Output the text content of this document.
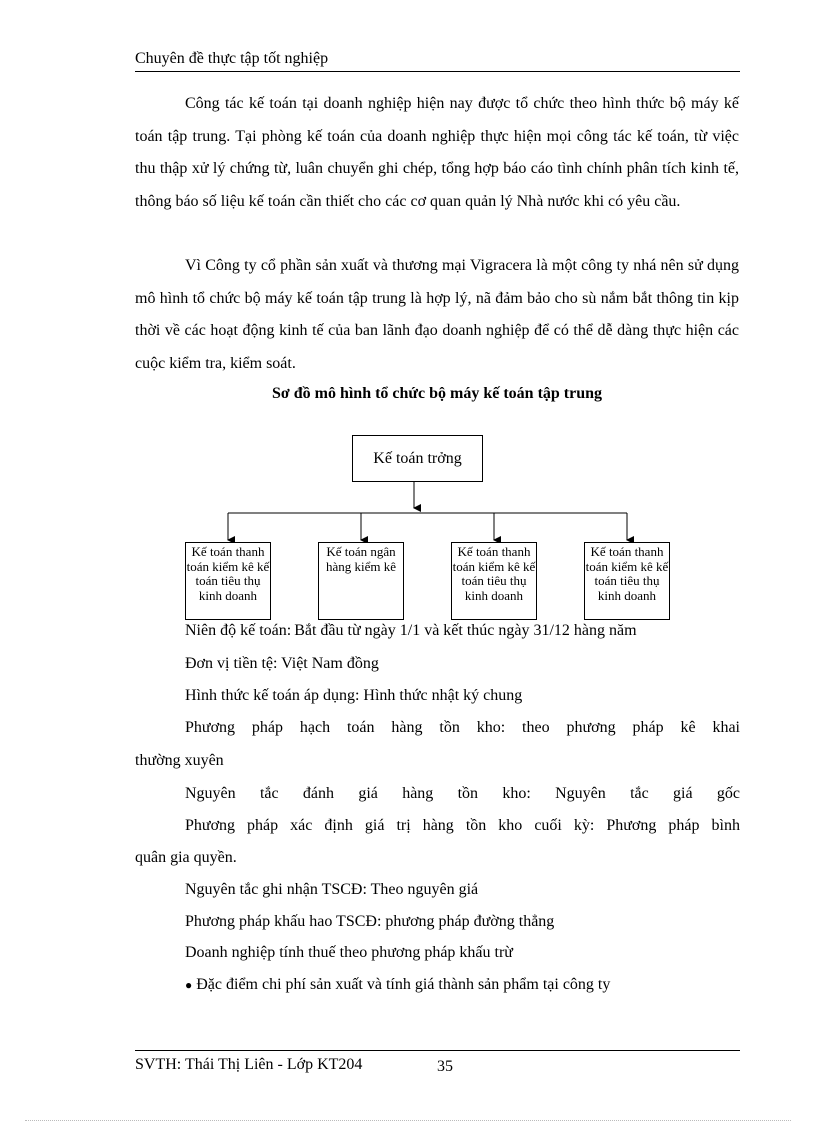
Chuyên đề thực tập tốt nghiệp
Công tác kế toán tại doanh nghiệp hiện nay được tổ chức theo hình thức bộ máy kế toán tập trung. Tại phòng kế toán của doanh nghiệp thực hiện mọi công tác kế toán, từ việc thu thập xử lý chứng từ, luân chuyển ghi chép, tổng hợp báo cáo tình chính phân tích kinh tế, thông báo số liệu kế toán cần thiết cho các cơ quan quản lý Nhà nước khi có yêu cầu.
Vì Công ty cổ phần sản xuất và thương mại Vigracera là một công ty nhá nên sử dụng mô hình tổ chức bộ máy kế toán tập trung là hợp lý, nã đảm bảo cho sù nắm bắt thông tin kịp thời về các hoạt động kinh tế của ban lãnh đạo doanh nghiệp để có thể dễ dàng thực hiện các cuộc kiểm tra, kiểm soát.
Sơ đồ mô hình tổ chức bộ máy kế toán tập trung
Niên độ kế toán: Bắt đầu từ ngày 1/1 và kết thúc ngày 31/12 hàng năm
Kế toán trởng
Kế toán thanh toán kiểm kê kế toán tiêu thụ kinh doanh
Kế toán ngân hàng kiểm kê
Kế toán thanh toán kiểm kê kế toán tiêu thụ kinh doanh
Kế toán thanh toán kiểm kê kế toán tiêu thụ kinh doanh
Đơn vị tiền tệ: Việt Nam đồng
Hình thức kế toán áp dụng: Hình thức nhật ký chung
Phương pháp hạch toán hàng tồn kho: theo phương pháp kê khai
thường xuyên
Nguyên tắc đánh giá hàng tồn kho: Nguyên tắc giá gốc
Phương pháp xác định giá trị hàng tồn kho cuối kỳ: Phương pháp bình
quân gia quyền.
Nguyên tắc ghi nhận TSCĐ: Theo nguyên giá
Phương pháp khấu hao TSCĐ: phương pháp đường thẳng
Doanh nghiệp tính thuế theo phương pháp khấu trừ
● Đặc điểm chi phí sản xuất và tính giá thành sản phẩm tại công ty
SVTH: Thái Thị Liên - Lớp KT204	35
